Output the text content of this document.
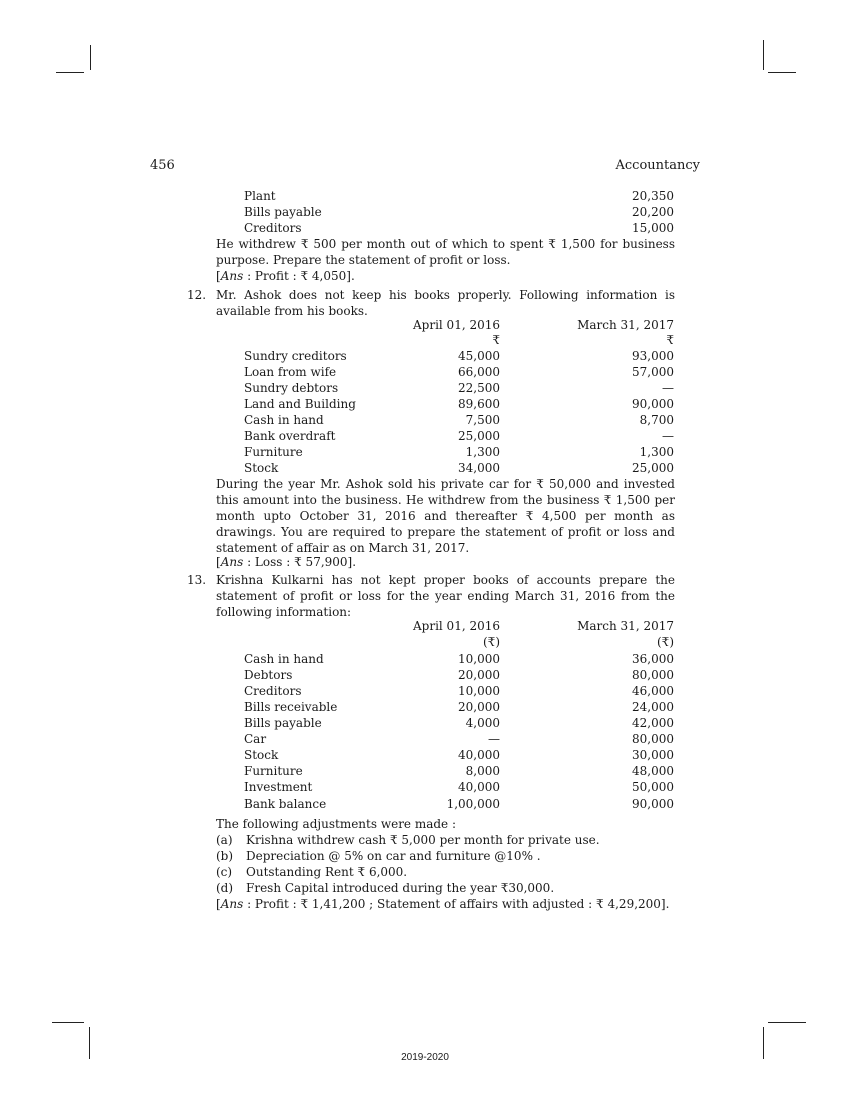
456	Accountancy
Plant	20,350
Bills payable	20,200
Creditors	15,000
He withdrew ₹ 500 per month out of which to spent ₹ 1,500 for business purpose. Prepare the statement of profit or loss.
[Ans : Profit : ₹ 4,050].
12. Mr. Ashok does not keep his books properly. Following information is available from his books.
April 01, 2016	March 31, 2017
₹	₹
Sundry creditors	45,000	93,000
Loan from wife	66,000	57,000
Sundry debtors	22,500	—
Land and Building	89,600	90,000
Cash in hand	7,500	8,700
Bank overdraft	25,000	—
Furniture	1,300	1,300
Stock	34,000	25,000
During the year Mr. Ashok sold his private car for ₹ 50,000 and invested this amount into the business. He withdrew from the business ₹ 1,500 per month upto October 31, 2016 and thereafter ₹ 4,500 per month as drawings. You are required to prepare the statement of profit or loss and statement of affair as on March 31, 2017.
[Ans : Loss : ₹ 57,900].
13. Krishna Kulkarni has not kept proper books of accounts prepare the statement of profit or loss for the year ending March 31, 2016 from the following information:
April 01, 2016	March 31, 2017
(₹)	(₹)
Cash in hand	10,000	36,000
Debtors	20,000	80,000
Creditors	10,000	46,000
Bills receivable	20,000	24,000
Bills payable	4,000	42,000
Car	—	80,000
Stock	40,000	30,000
Furniture	8,000	48,000
Investment	40,000	50,000
Bank balance	1,00,000	90,000
The following adjustments were made :
(a) Krishna withdrew cash ₹ 5,000 per month for private use.
(b) Depreciation @ 5% on car and furniture @10% .
(c) Outstanding Rent ₹ 6,000.
(d) Fresh Capital introduced during the year ₹30,000.
[Ans : Profit : ₹ 1,41,200 ; Statement of affairs with adjusted : ₹ 4,29,200].
2019-2020
